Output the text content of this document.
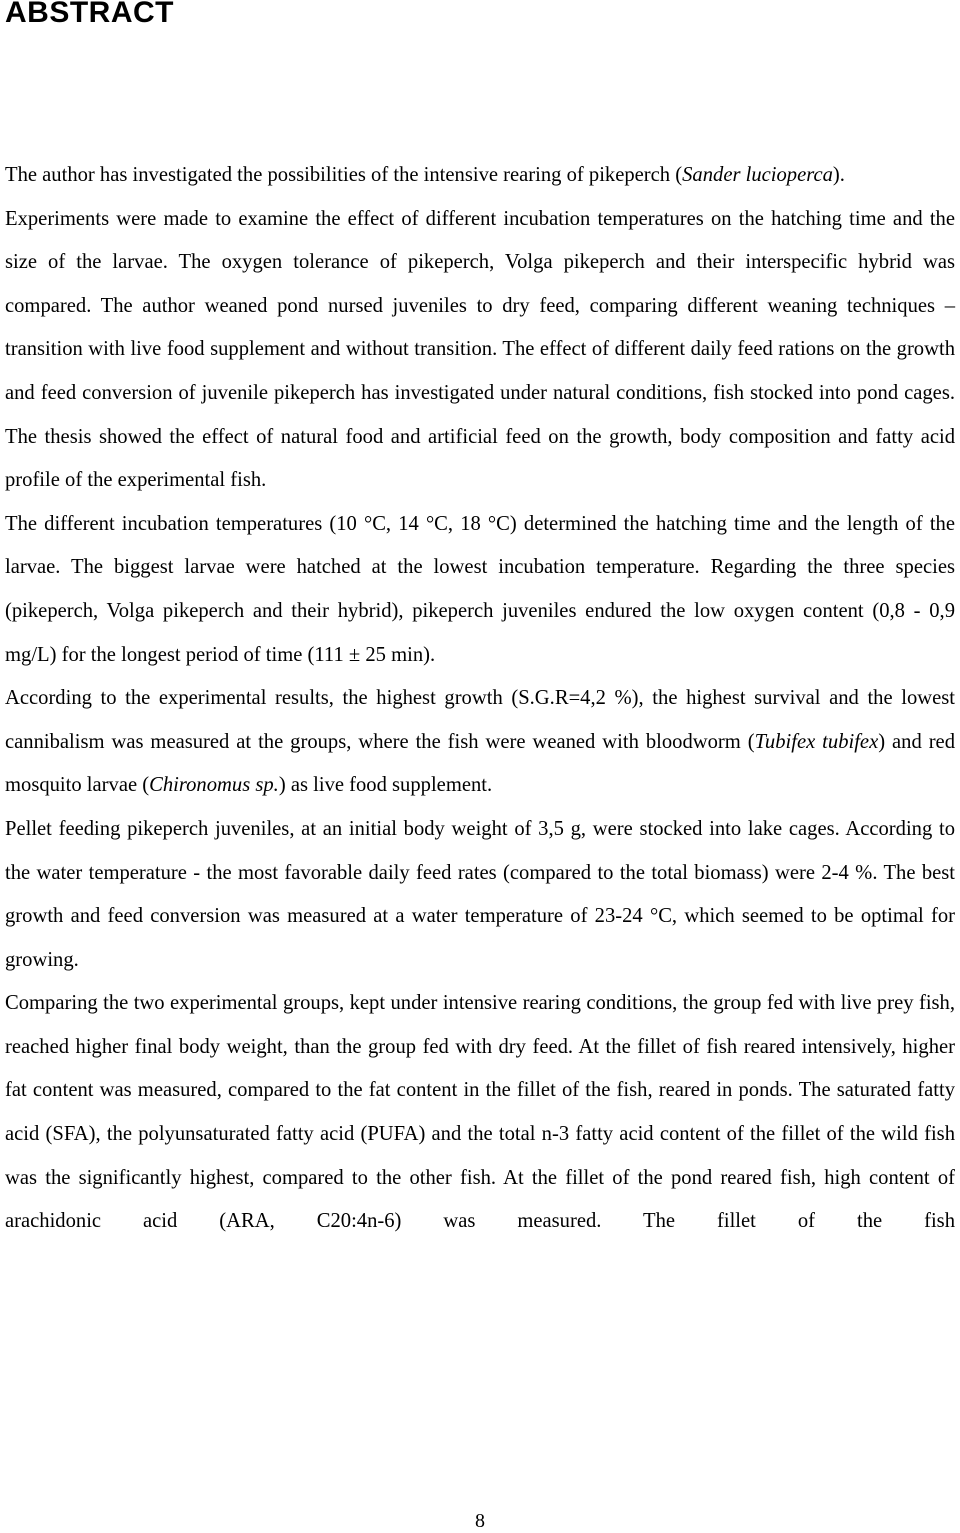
ABSTRACT

The author has investigated the possibilities of the intensive rearing of pikeperch (Sander lucioperca).

Experiments were made to examine the effect of different incubation temperatures on the hatching time and the size of the larvae. The oxygen tolerance of pikeperch, Volga pikeperch and their interspecific hybrid was compared. The author weaned pond nursed juveniles to dry feed, comparing different weaning techniques – transition with live food supplement and without transition. The effect of different daily feed rations on the growth and feed conversion of juvenile pikeperch has investigated under natural conditions, fish stocked into pond cages. The thesis showed the effect of natural food and artificial feed on the growth, body composition and fatty acid profile of the experimental fish.

The different incubation temperatures (10 °C, 14 °C, 18 °C) determined the hatching time and the length of the larvae. The biggest larvae were hatched at the lowest incubation temperature. Regarding the three species (pikeperch, Volga pikeperch and their hybrid), pikeperch juveniles endured the low oxygen content (0,8 - 0,9 mg/L) for the longest period of time (111 ± 25 min).

According to the experimental results, the highest growth (S.G.R=4,2 %), the highest survival and the lowest cannibalism was measured at the groups, where the fish were weaned with bloodworm (Tubifex tubifex) and red mosquito larvae (Chironomus sp.) as live food supplement.

Pellet feeding pikeperch juveniles, at an initial body weight of 3,5 g, were stocked into lake cages. According to the water temperature - the most favorable daily feed rates (compared to the total biomass) were 2-4 %. The best growth and feed conversion was measured at a water temperature of 23-24 °C, which seemed to be optimal for growing.

Comparing the two experimental groups, kept under intensive rearing conditions, the group fed with live prey fish, reached higher final body weight, than the group fed with dry feed. At the fillet of fish reared intensively, higher fat content was measured, compared to the fat content in the fillet of the fish, reared in ponds. The saturated fatty acid (SFA), the polyunsaturated fatty acid (PUFA) and the total n-3 fatty acid content of the fillet of the wild fish was the significantly highest, compared to the other fish. At the fillet of the pond reared fish, high content of arachidonic acid (ARA, C20:4n-6) was measured. The fillet of the fish

8
